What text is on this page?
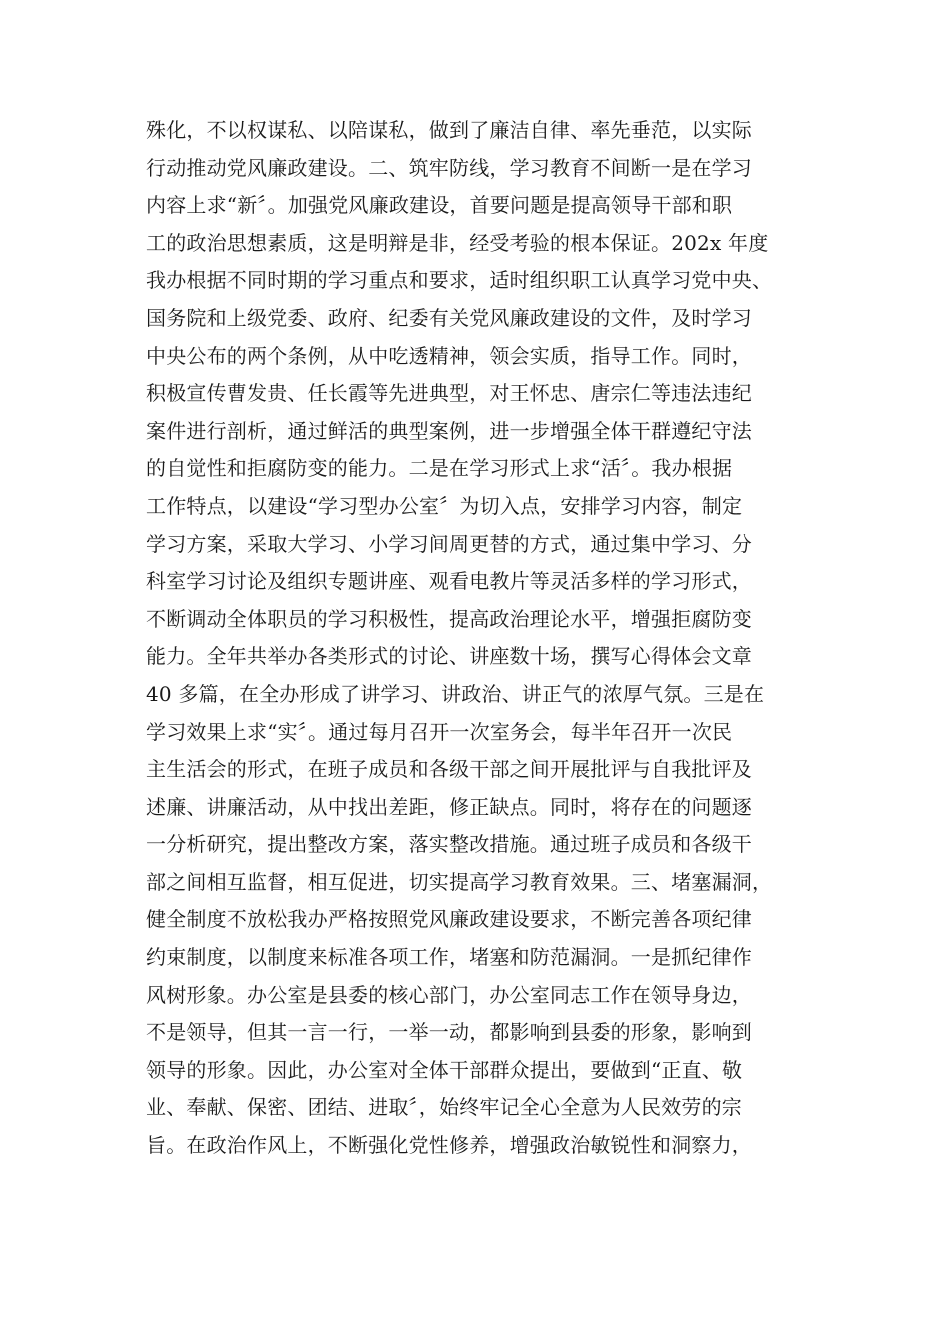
殊化，不以权谋私、以陪谋私，做到了廉洁自律、率先垂范，以实际
行动推动党风廉政建设。二、筑牢防线，学习教育不间断一是在学习
内容上求“新〞。加强党风廉政建设，首要问题是提高领导干部和职
工的政治思想素质，这是明辩是非，经受考验的根本保证。202x 年度
我办根据不同时期的学习重点和要求，适时组织职工认真学习党中央、
国务院和上级党委、政府、纪委有关党风廉政建设的文件，及时学习
中央公布的两个条例，从中吃透精神，领会实质，指导工作。同时，
积极宣传曹发贵、任长霞等先进典型，对王怀忠、唐宗仁等违法违纪
案件进行剖析，通过鲜活的典型案例，进一步增强全体干群遵纪守法
的自觉性和拒腐防变的能力。二是在学习形式上求“活〞。我办根据
工作特点，以建设“学习型办公室〞为切入点，安排学习内容，制定
学习方案，采取大学习、小学习间周更替的方式，通过集中学习、分
科室学习讨论及组织专题讲座、观看电教片等灵活多样的学习形式，
不断调动全体职员的学习积极性，提高政治理论水平，增强拒腐防变
能力。全年共举办各类形式的讨论、讲座数十场，撰写心得体会文章
40 多篇，在全办形成了讲学习、讲政治、讲正气的浓厚气氛。三是在
学习效果上求“实〞。通过每月召开一次室务会，每半年召开一次民
主生活会的形式，在班子成员和各级干部之间开展批评与自我批评及
述廉、讲廉活动，从中找出差距，修正缺点。同时，将存在的问题逐
一分析研究，提出整改方案，落实整改措施。通过班子成员和各级干
部之间相互监督，相互促进，切实提高学习教育效果。三、堵塞漏洞，
健全制度不放松我办严格按照党风廉政建设要求，不断完善各项纪律
约束制度，以制度来标准各项工作，堵塞和防范漏洞。一是抓纪律作
风树形象。办公室是县委的核心部门，办公室同志工作在领导身边，
不是领导，但其一言一行，一举一动，都影响到县委的形象，影响到
领导的形象。因此，办公室对全体干部群众提出，要做到“正直、敬
业、奉献、保密、团结、进取〞，始终牢记全心全意为人民效劳的宗
旨。在政治作风上，不断强化党性修养，增强政治敏锐性和洞察力，
